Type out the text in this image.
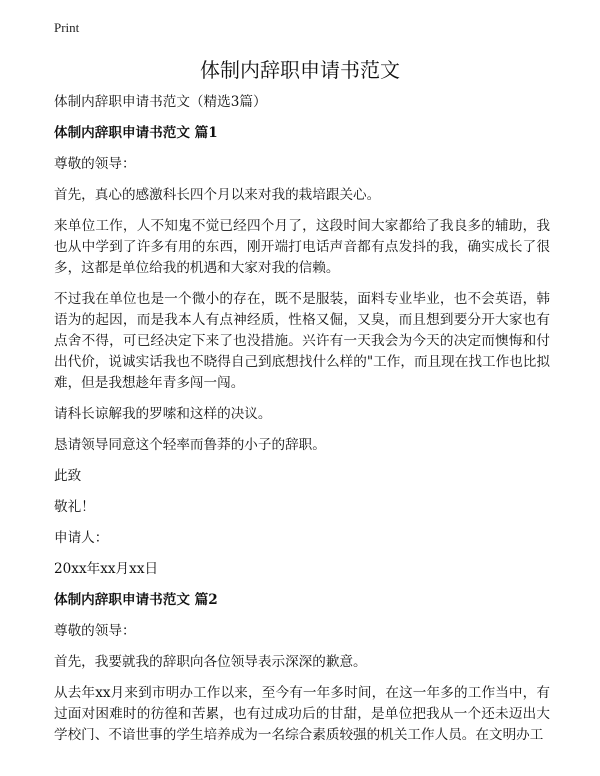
Print
体制内辞职申请书范文

体制内辞职申请书范文（精选3篇）

体制内辞职申请书范文 篇1

尊敬的领导：

首先，真心的感激科长四个月以来对我的栽培跟关心。

来单位工作，人不知鬼不觉已经四个月了，这段时间大家都给了我良多的辅助，我也从中学到了许多有用的东西，刚开端打电话声音都有点发抖的我，确实成长了很多，这都是单位给我的机遇和大家对我的信赖。

不过我在单位也是一个微小的存在，既不是服装，面料专业毕业，也不会英语，韩语为的起因，而是我本人有点神经质，性格又倔，又臭，而且想到要分开大家也有点舍不得，可已经决定下来了也没措施。兴许有一天我会为今天的决定而懊悔和付出代价，说诚实话我也不晓得自己到底想找什么样的"工作，而且现在找工作也比拟难，但是我想趁年青多闯一闯。

请科长谅解我的罗嗦和这样的决议。

恳请领导同意这个轻率而鲁莽的小子的辞职。

此致

敬礼！

申请人：

20xx年xx月xx日

体制内辞职申请书范文 篇2

尊敬的领导：

首先，我要就我的辞职向各位领导表示深深的歉意。

从去年xx月来到市明办工作以来，至今有一年多时间，在这一年多的工作当中，有过面对困难时的彷徨和苦累，也有过成功后的甘甜，是单位把我从一个还未迈出大学校门、不谙世事的学生培养成为一名综合素质较强的机关工作人员。在文明办工
